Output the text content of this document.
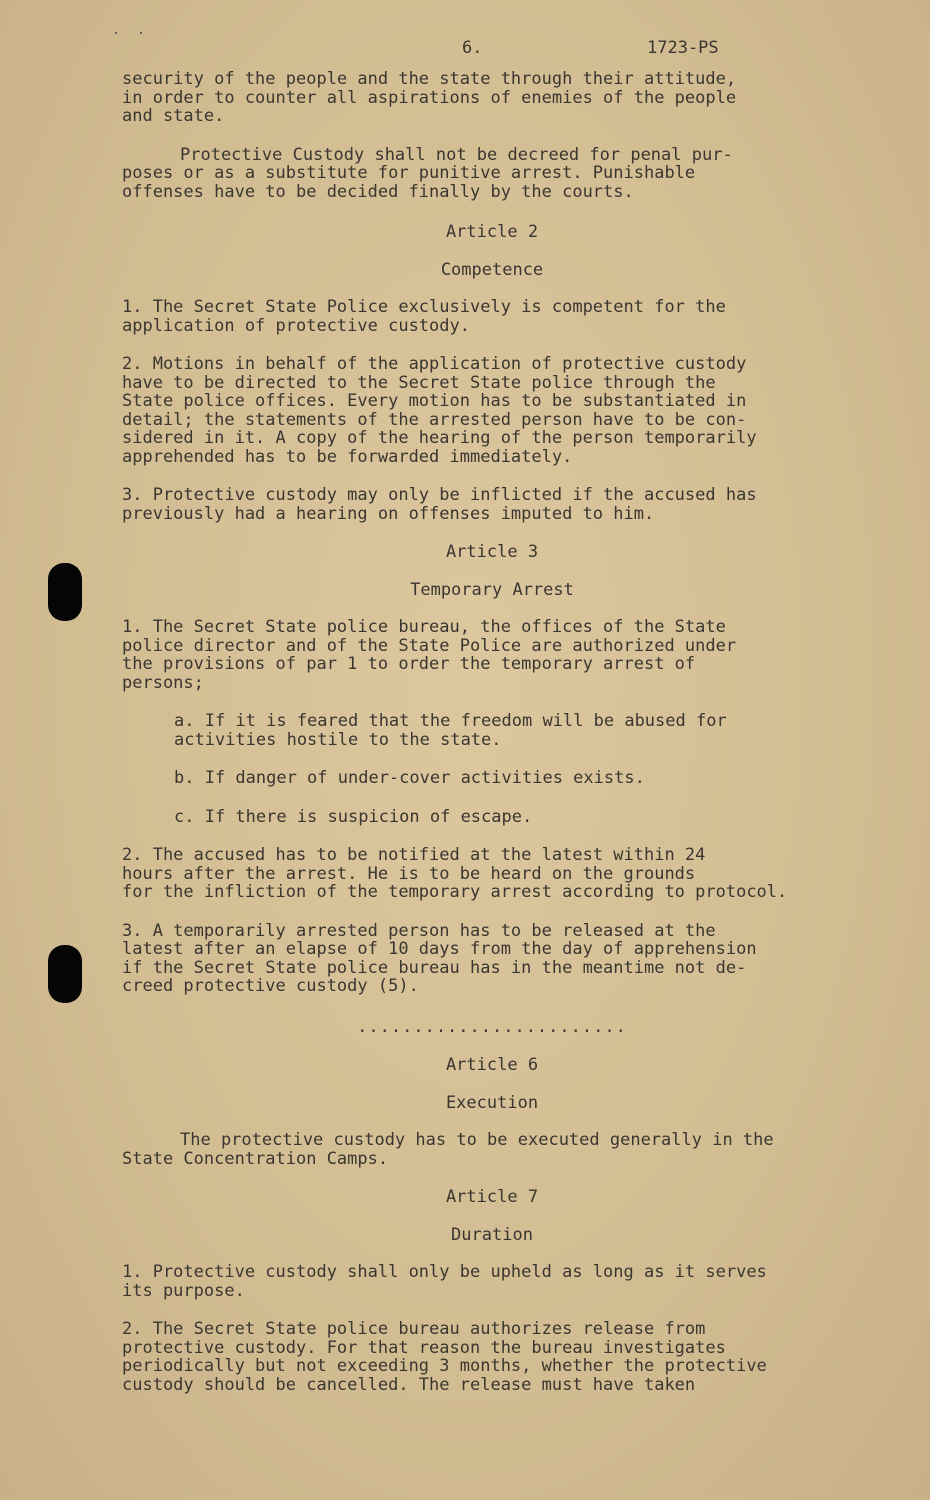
· ·
6.	1723-PS

security of the people and the state through their attitude,
in order to counter all aspirations of enemies of the people
and state.

Protective Custody shall not be decreed for penal pur-
poses or as a substitute for punitive arrest. Punishable
offenses have to be decided finally by the courts.

Article 2
Competence

1. The Secret State Police exclusively is competent for the
application of protective custody.

2. Motions in behalf of the application of protective custody
have to be directed to the Secret State police through the
State police offices. Every motion has to be substantiated in
detail; the statements of the arrested person have to be con-
sidered in it. A copy of the hearing of the person temporarily
apprehended has to be forwarded immediately.

3. Protective custody may only be inflicted if the accused has
previously had a hearing on offenses imputed to him.

Article 3
Temporary Arrest

1. The Secret State police bureau, the offices of the State
police director and of the State Police are authorized under
the provisions of par 1 to order the temporary arrest of
persons;

a. If it is feared that the freedom will be abused for
activities hostile to the state.

b. If danger of under-cover activities exists.

c. If there is suspicion of escape.

2. The accused has to be notified at the latest within 24
hours after the arrest. He is to be heard on the grounds
for the infliction of the temporary arrest according to protocol.

3. A temporarily arrested person has to be released at the
latest after an elapse of 10 days from the day of apprehension
if the Secret State police bureau has in the meantime not de-
creed protective custody (5).

........................
Article 6
Execution

The protective custody has to be executed generally in the
State Concentration Camps.

Article 7
Duration

1. Protective custody shall only be upheld as long as it serves
its purpose.

2. The Secret State police bureau authorizes release from
protective custody. For that reason the bureau investigates
periodically but not exceeding 3 months, whether the protective
custody should be cancelled. The release must have taken
